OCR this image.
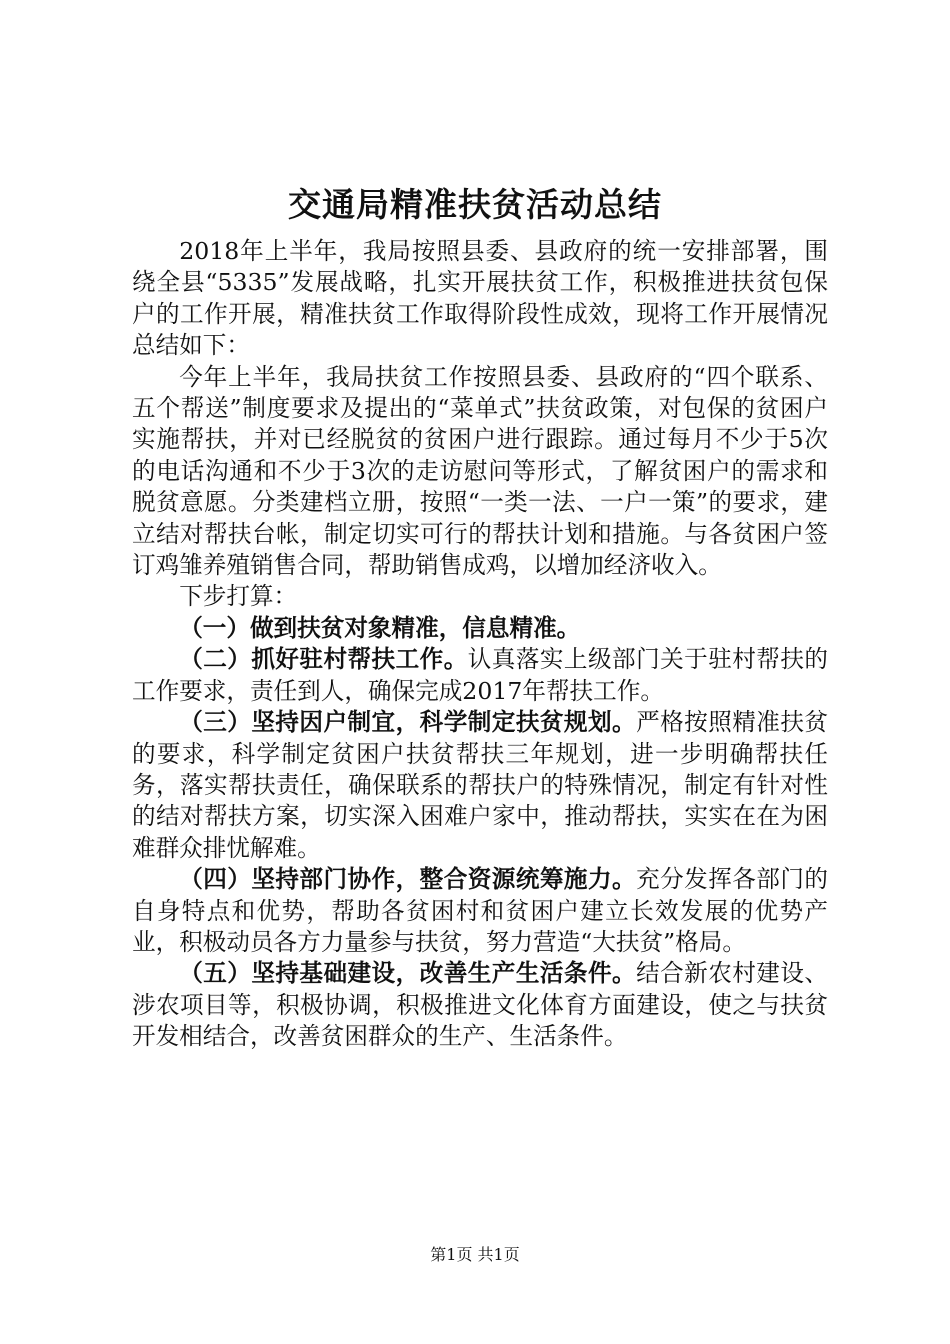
交通局精准扶贫活动总结

2018年上半年，我局按照县委、县政府的统一安排部署，围绕全县“5335”发展战略，扎实开展扶贫工作，积极推进扶贫包保户的工作开展，精准扶贫工作取得阶段性成效，现将工作开展情况总结如下：

今年上半年，我局扶贫工作按照县委、县政府的“四个联系、五个帮送”制度要求及提出的“菜单式”扶贫政策，对包保的贫困户实施帮扶，并对已经脱贫的贫困户进行跟踪。通过每月不少于5次的电话沟通和不少于3次的走访慰问等形式，了解贫困户的需求和脱贫意愿。分类建档立册，按照“一类一法、一户一策”的要求，建立结对帮扶台帐，制定切实可行的帮扶计划和措施。与各贫困户签订鸡雏养殖销售合同，帮助销售成鸡，以增加经济收入。

下步打算：

（一）做到扶贫对象精准，信息精准。

（二）抓好驻村帮扶工作。认真落实上级部门关于驻村帮扶的工作要求，责任到人，确保完成2017年帮扶工作。

（三）坚持因户制宜，科学制定扶贫规划。严格按照精准扶贫的要求，科学制定贫困户扶贫帮扶三年规划，进一步明确帮扶任务，落实帮扶责任，确保联系的帮扶户的特殊情况，制定有针对性的结对帮扶方案，切实深入困难户家中，推动帮扶，实实在在为困难群众排忧解难。

（四）坚持部门协作，整合资源统筹施力。充分发挥各部门的自身特点和优势，帮助各贫困村和贫困户建立长效发展的优势产业，积极动员各方力量参与扶贫，努力营造“大扶贫”格局。

（五）坚持基础建设，改善生产生活条件。结合新农村建设、涉农项目等，积极协调，积极推进文化体育方面建设，使之与扶贫开发相结合，改善贫困群众的生产、生活条件。

第1页 共1页
